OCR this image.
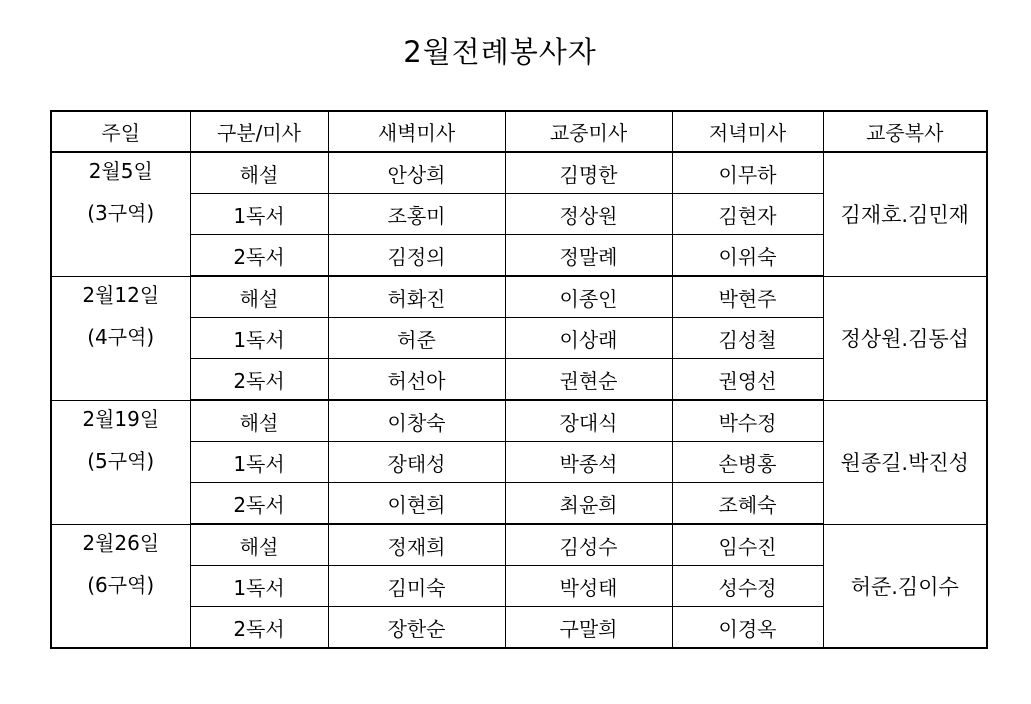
2월전례봉사자
주일	구분/미사	새벽미사	교중미사	저녁미사	교중복사

2월5일
(3구역)	해설	안상희	김명한	이무하	김재호.김민재
	1독서	조홍미	정상원	김현자	
	2독서	김정의	정말례	이위숙	

2월12일
(4구역)	해설	허화진	이종인	박현주	정상원.김동섭
	1독서	허준	이상래	김성철	
	2독서	허선아	권현순	권영선	

2월19일
(5구역)	해설	이창숙	장대식	박수정	원종길.박진성
	1독서	장태성	박종석	손병홍	
	2독서	이현희	최윤희	조혜숙	

2월26일
(6구역)	해설	정재희	김성수	임수진	허준.김이수
	1독서	김미숙	박성태	성수정	
	2독서	장한순	구말희	이경옥	
